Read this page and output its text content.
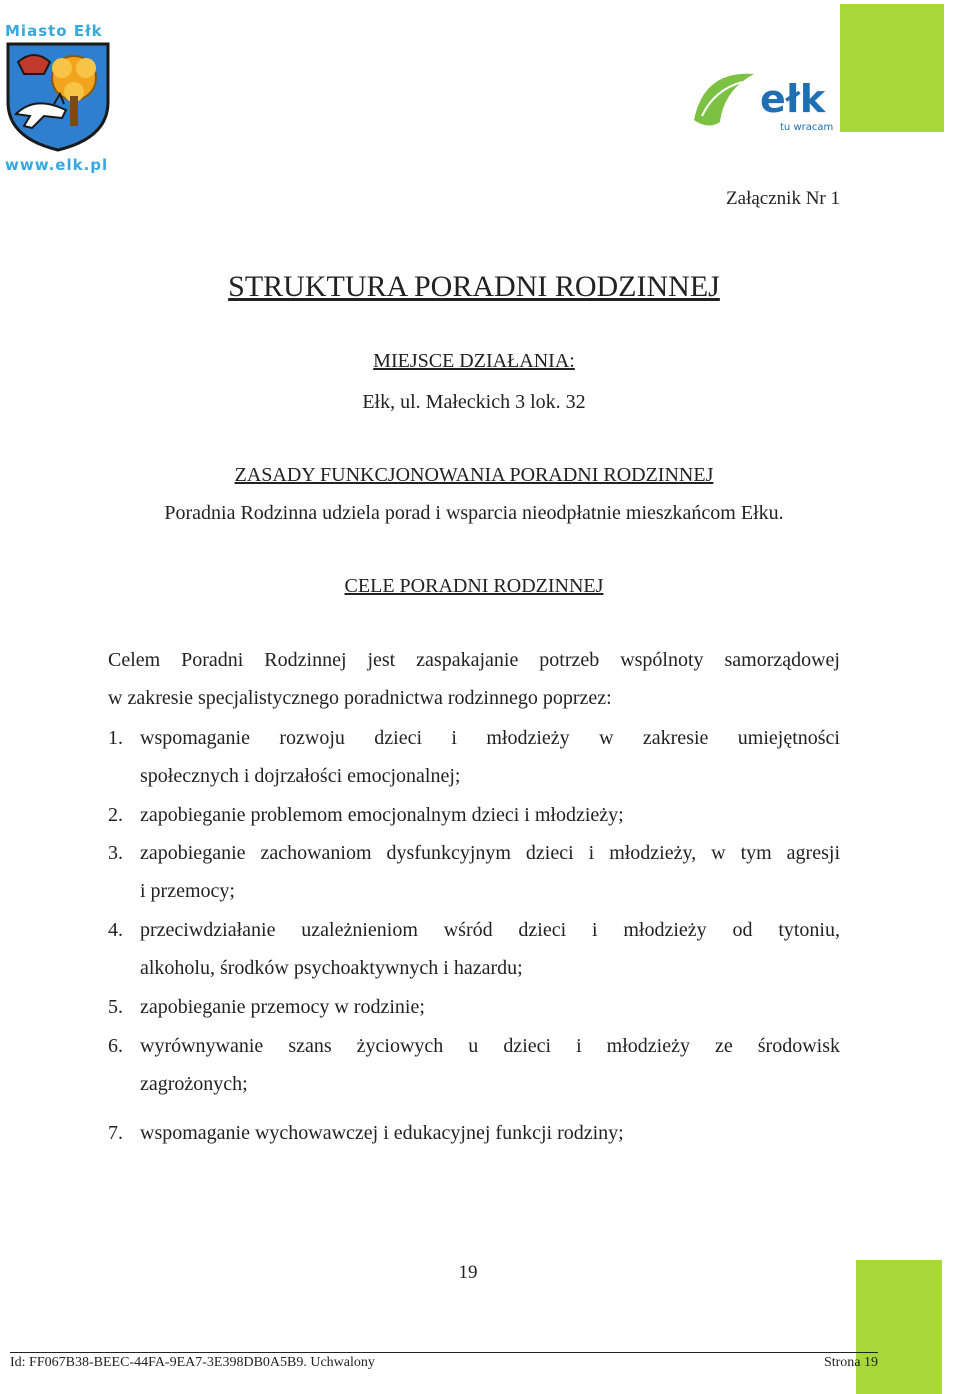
Miasto Ełk
www.elk.pl
ełk
tu wracam
Załącznik Nr 1
STRUKTURA PORADNI RODZINNEJ
MIEJSCE DZIAŁANIA:
Ełk, ul. Małeckich 3 lok. 32
ZASADY FUNKCJONOWANIA PORADNI RODZINNEJ
Poradnia Rodzinna udziela porad i wsparcia nieodpłatnie mieszkańcom Ełku.
CELE PORADNI RODZINNEJ
Celem Poradni Rodzinnej jest zaspakajanie potrzeb wspólnoty samorządowej
w zakresie specjalistycznego poradnictwa rodzinnego poprzez:
1. wspomaganie rozwoju dzieci i młodzieży w zakresie umiejętności
społecznych i dojrzałości emocjonalnej;
2. zapobieganie problemom emocjonalnym dzieci i młodzieży;
3. zapobieganie zachowaniom dysfunkcyjnym dzieci i młodzieży, w tym agresji
i przemocy;
4. przeciwdziałanie uzależnieniom wśród dzieci i młodzieży od tytoniu,
alkoholu, środków psychoaktywnych i hazardu;
5. zapobieganie przemocy w rodzinie;
6. wyrównywanie szans życiowych u dzieci i młodzieży ze środowisk
zagrożonych;
7. wspomaganie wychowawczej i edukacyjnej funkcji rodziny;
19
Id: FF067B38-BEEC-44FA-9EA7-3E398DB0A5B9. Uchwalony	Strona 19
